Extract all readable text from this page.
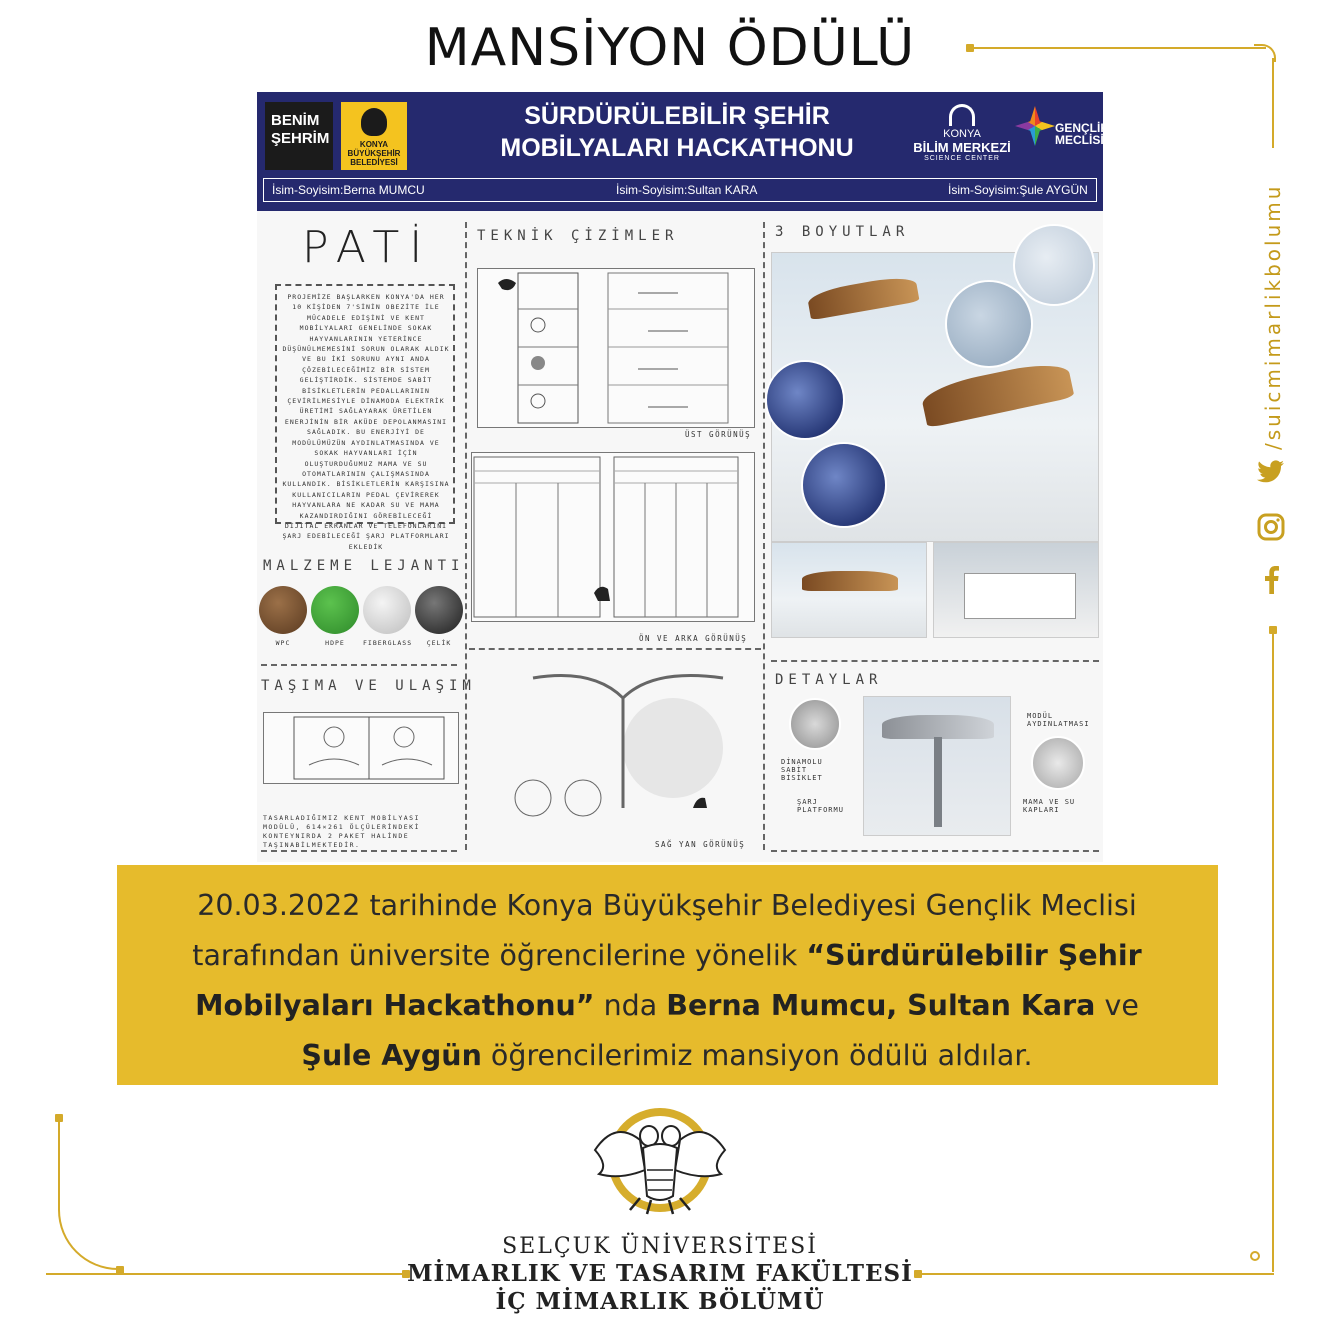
MANSİYON ÖDÜLÜ
/suicmimarlikbolumu
BENİM
ŞEHRİM	KONYA BÜYÜKŞEHİR BELEDİYESİ
SÜRDÜRÜLEBİLİR ŞEHİR
MOBİLYALARI HACKATHONU	KONYA
BİLİM MERKEZİ
SCIENCE CENTER
GENÇLİK
MECLİSİ
İsim-Soyisim:Berna MUMCU	İsim-Soyisim:Sultan KARA	İsim-Soyisim:Şule AYGÜN
PATİ
PROJEMİZE BAŞLARKEN KONYA'DA HER 10 KİŞİDEN 7'SİNİN OBEZİTE İLE MÜCADELE EDİŞİNİ VE KENT MOBİLYALARI GENELİNDE SOKAK HAYVANLARININ YETERİNCE DÜŞÜNÜLMEMESİNİ SORUN OLARAK ALDIK VE BU İKİ SORUNU AYNI ANDA ÇÖZEBİLECEĞİMİZ BİR SİSTEM GELİŞTİRDİK. SİSTEMDE SABİT BİSİKLETLERİN PEDALLARININ ÇEVİRİLMESİYLE DİNAMODA ELEKTRİK ÜRETİMİ SAĞLAYARAK ÜRETİLEN ENERJİNİN BİR AKÜDE DEPOLANMASINI SAĞLADIK. BU ENERJİYİ DE MODÜLÜMÜZÜN AYDINLATMASINDA VE SOKAK HAYVANLARI İÇİN OLUŞTURDUĞUMUZ MAMA VE SU OTOMATLARININ ÇALIŞMASINDA KULLANDIK. BİSİKLETLERİN KARŞISINA KULLANICILARIN PEDAL ÇEVİREREK HAYVANLARA NE KADAR SU VE MAMA KAZANDIRDIĞINI GÖREBİLECEĞİ DİJİTAL EKRANLAR VE TELEFONLARINI ŞARJ EDEBİLECEĞİ ŞARJ PLATFORMLARI EKLEDİK
MALZEME LEJANTI
WPC	HDPE	FIBERGLASS	ÇELİK
TAŞIMA VE ULAŞIM
TASARLADIĞIMIZ KENT MOBİLYASI MODÜLÜ, 614×261 ÖLÇÜLERİNDEKİ KONTEYNIRDA 2 PAKET HALİNDE TAŞINABİLMEKTEDİR.
TEKNİK ÇİZİMLER
ÜST GÖRÜNÜŞ
ÖN VE ARKA GÖRÜNÜŞ
SAĞ YAN GÖRÜNÜŞ
3 BOYUTLAR
DETAYLAR
MODÜL AYDINLATMASI
DİNAMOLU SABİT BİSİKLET
ŞARJ PLATFORMU
MAMA VE SU KAPLARI
20.03.2022 tarihinde Konya Büyükşehir Belediyesi Gençlik Meclisi tarafından üniversite öğrencilerine yönelik “Sürdürülebilir Şehir Mobilyaları Hackathonu” nda Berna Mumcu, Sultan Kara ve Şule Aygün öğrencilerimiz mansiyon ödülü aldılar.
SELÇUK ÜNİVERSİTESİ
MİMARLIK VE TASARIM FAKÜLTESİ
İÇ MİMARLIK BÖLÜMÜ
